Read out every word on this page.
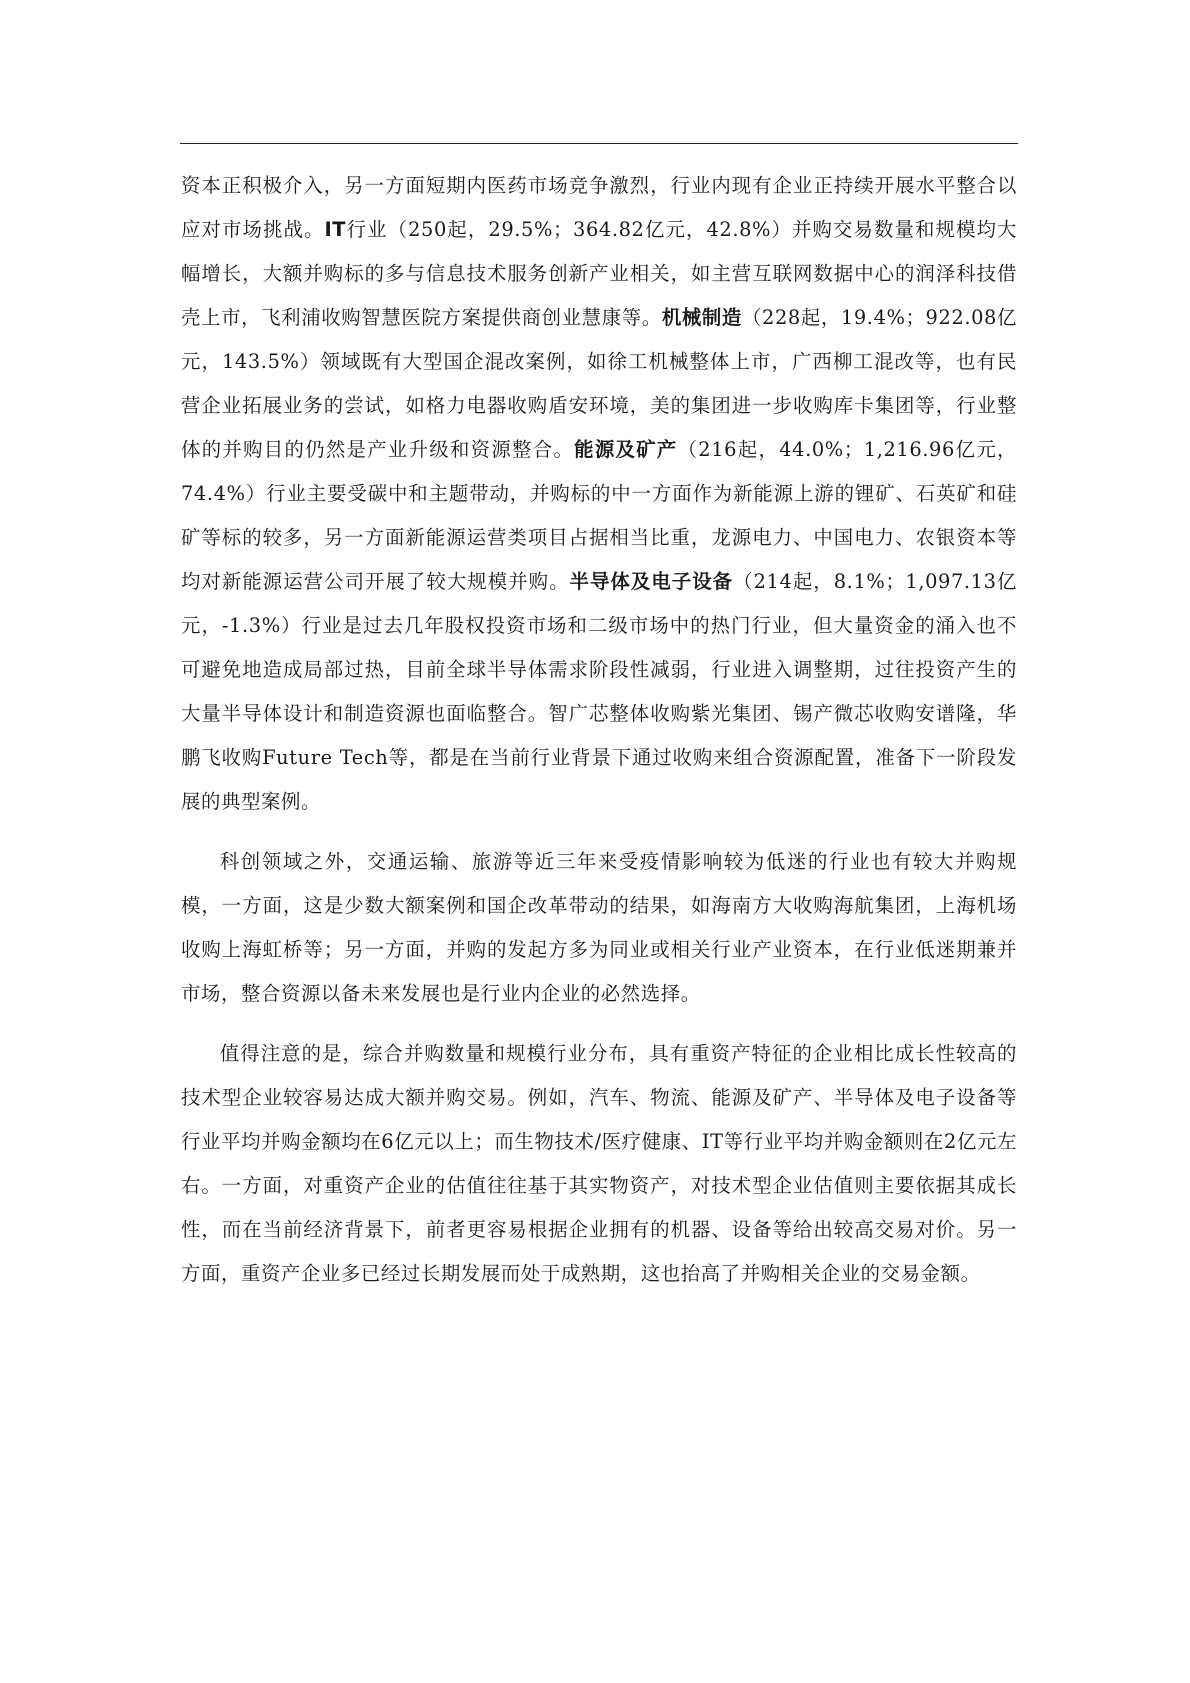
资本正积极介入，另一方面短期内医药市场竞争激烈，行业内现有企业正持续开展水平整合以应对市场挑战。IT行业（250起，29.5%；364.82亿元，42.8%）并购交易数量和规模均大幅增长，大额并购标的多与信息技术服务创新产业相关，如主营互联网数据中心的润泽科技借壳上市，飞利浦收购智慧医院方案提供商创业慧康等。机械制造（228起，19.4%；922.08亿元，143.5%）领域既有大型国企混改案例，如徐工机械整体上市，广西柳工混改等，也有民营企业拓展业务的尝试，如格力电器收购盾安环境，美的集团进一步收购库卡集团等，行业整体的并购目的仍然是产业升级和资源整合。能源及矿产（216起，44.0%；1,216.96亿元，74.4%）行业主要受碳中和主题带动，并购标的中一方面作为新能源上游的锂矿、石英矿和硅矿等标的较多，另一方面新能源运营类项目占据相当比重，龙源电力、中国电力、农银资本等均对新能源运营公司开展了较大规模并购。半导体及电子设备（214起，8.1%；1,097.13亿元，-1.3%）行业是过去几年股权投资市场和二级市场中的热门行业，但大量资金的涌入也不可避免地造成局部过热，目前全球半导体需求阶段性减弱，行业进入调整期，过往投资产生的大量半导体设计和制造资源也面临整合。智广芯整体收购紫光集团、锡产微芯收购安谱隆，华鹏飞收购Future Tech等，都是在当前行业背景下通过收购来组合资源配置，准备下一阶段发展的典型案例。

科创领域之外，交通运输、旅游等近三年来受疫情影响较为低迷的行业也有较大并购规模，一方面，这是少数大额案例和国企改革带动的结果，如海南方大收购海航集团，上海机场收购上海虹桥等；另一方面，并购的发起方多为同业或相关行业产业资本，在行业低迷期兼并市场，整合资源以备未来发展也是行业内企业的必然选择。

值得注意的是，综合并购数量和规模行业分布，具有重资产特征的企业相比成长性较高的技术型企业较容易达成大额并购交易。例如，汽车、物流、能源及矿产、半导体及电子设备等行业平均并购金额均在6亿元以上；而生物技术/医疗健康、IT等行业平均并购金额则在2亿元左右。一方面，对重资产企业的估值往往基于其实物资产，对技术型企业估值则主要依据其成长性，而在当前经济背景下，前者更容易根据企业拥有的机器、设备等给出较高交易对价。另一方面，重资产企业多已经过长期发展而处于成熟期，这也抬高了并购相关企业的交易金额。
